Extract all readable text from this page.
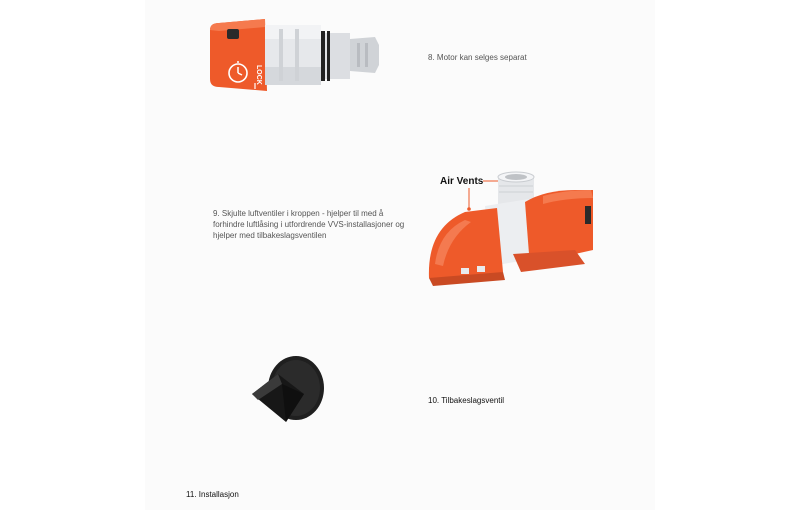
LOCK
8. Motor kan selges separat
9. Skjulte luftventiler i kroppen - hjelper til med å
forhindre luftlåsing i utfordrende VVS-installasjoner og
hjelper med tilbakeslagsventilen
Air Vents
10. Tilbakeslagsventil
11. Installasjon
